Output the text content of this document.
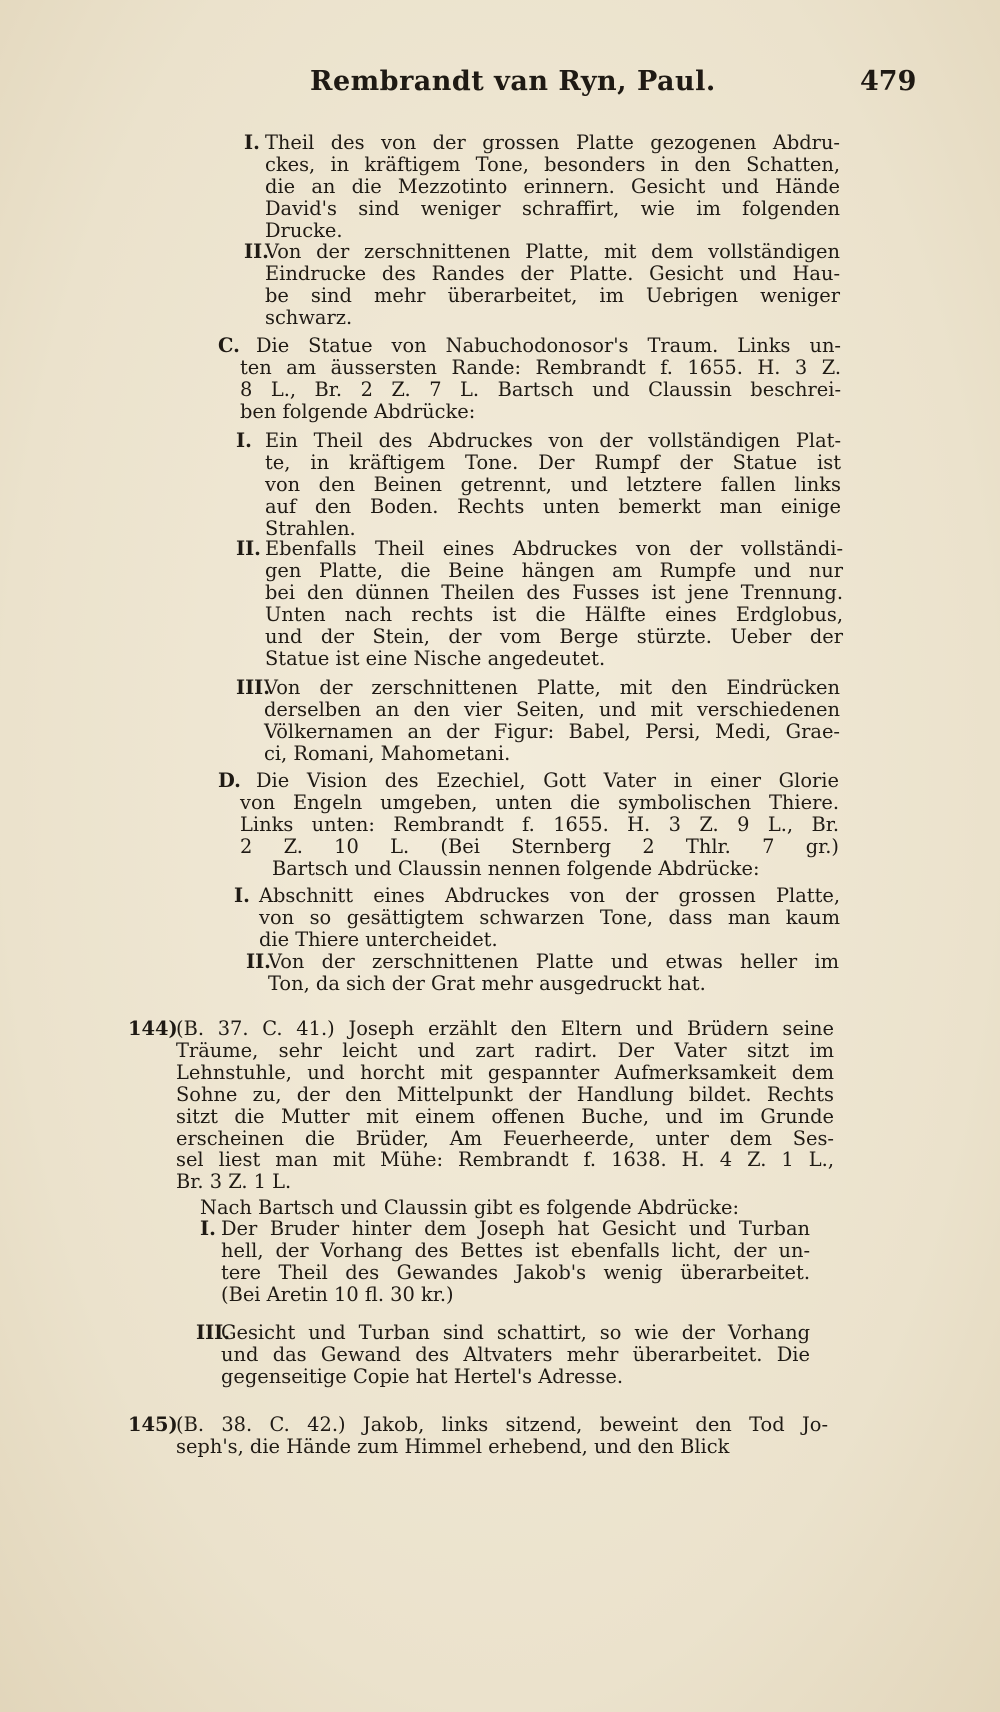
Rembrandt van Ryn, Paul.	479
I. Theil des von der grossen Platte gezogenen Abdru-
ckes, in kräftigem Tone, besonders in den Schatten,
die an die Mezzotinto erinnern. Gesicht und Hände
David's sind weniger schraffirt, wie im folgenden
Drucke.
II.
Von der zerschnittenen Platte, mit dem vollständigen
Eindrucke des Randes der Platte. Gesicht und Hau-
be sind mehr überarbeitet, im Uebrigen weniger
schwarz.
C. Die Statue von Nabuchodonosor's Traum. Links un-
ten am äussersten Rande: Rembrandt f. 1655. H. 3 Z.
8 L., Br. 2 Z. 7 L. Bartsch und Claussin beschrei-
ben folgende Abdrücke:
I. Ein Theil des Abdruckes von der vollständigen Plat-
te, in kräftigem Tone. Der Rumpf der Statue ist
von den Beinen getrennt, und letztere fallen links
auf den Boden. Rechts unten bemerkt man einige
Strahlen.
II. Ebenfalls Theil eines Abdruckes von der vollständi-
gen Platte, die Beine hängen am Rumpfe und nur
bei den dünnen Theilen des Fusses ist jene Trennung.
Unten nach rechts ist die Hälfte eines Erdglobus,
und der Stein, der vom Berge stürzte. Ueber der
Statue ist eine Nische angedeutet.
III.
Von der zerschnittenen Platte, mit den Eindrücken
derselben an den vier Seiten, und mit verschiedenen
Völkernamen an der Figur: Babel, Persi, Medi, Grae-
ci, Romani, Mahometani.
D. Die Vision des Ezechiel, Gott Vater in einer Glorie
von Engeln umgeben, unten die symbolischen Thiere.
Links unten: Rembrandt f. 1655. H. 3 Z. 9 L., Br.
2 Z. 10 L. (Bei Sternberg 2 Thlr. 7 gr.)
Bartsch und Claussin nennen folgende Abdrücke:
I. Abschnitt eines Abdruckes von der grossen Platte,
von so gesättigtem schwarzen Tone, dass man kaum
die Thiere untercheidet.
II.
Von der zerschnittenen Platte und etwas heller im
Ton, da sich der Grat mehr ausgedruckt hat.
144)
(B. 37. C. 41.) Joseph erzählt den Eltern und Brüdern seine
Träume, sehr leicht und zart radirt. Der Vater sitzt im
Lehnstuhle, und horcht mit gespannter Aufmerksamkeit dem
Sohne zu, der den Mittelpunkt der Handlung bildet. Rechts
sitzt die Mutter mit einem offenen Buche, und im Grunde
erscheinen die Brüder, Am Feuerheerde, unter dem Ses-
sel liest man mit Mühe: Rembrandt f. 1638. H. 4 Z. 1 L.,
Br. 3 Z. 1 L.
Nach Bartsch und Claussin gibt es folgende Abdrücke:
I. Der Bruder hinter dem Joseph hat Gesicht und Turban
hell, der Vorhang des Bettes ist ebenfalls licht, der un-
tere Theil des Gewandes Jakob's wenig überarbeitet.
(Bei Aretin 10 fl. 30 kr.)
III.
Gesicht und Turban sind schattirt, so wie der Vorhang
und das Gewand des Altvaters mehr überarbeitet. Die
gegenseitige Copie hat Hertel's Adresse.
145)
(B. 38. C. 42.) Jakob, links sitzend, beweint den Tod Jo-
seph's, die Hände zum Himmel erhebend, und den Blick
